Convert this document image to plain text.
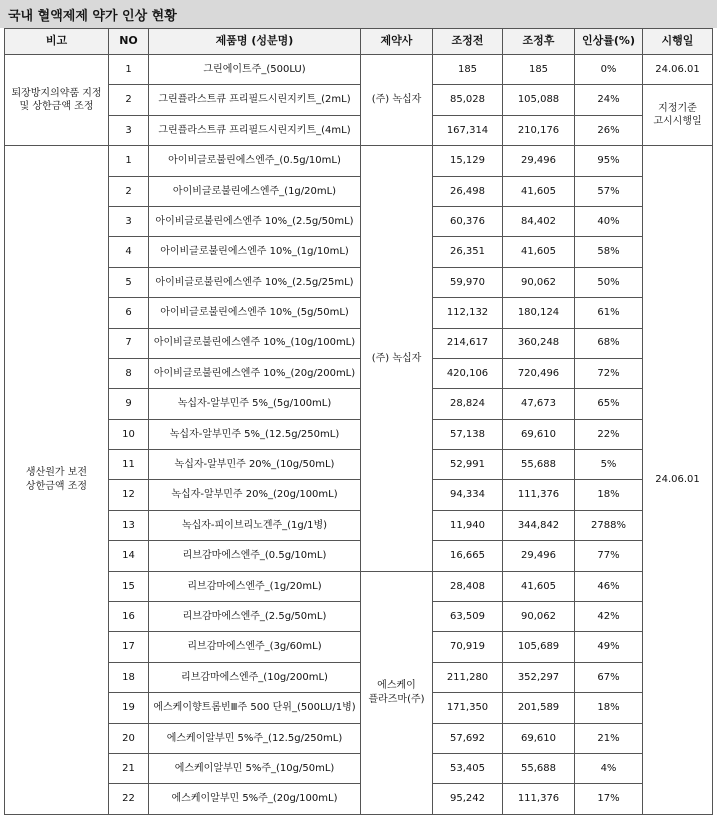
국내 혈액제제 약가 인상 현황
비고	NO	제품명 (성분명)	제약사	조정전	조정후	인상률(%)	시행일

퇴장방지의약품 지정
및 상한금액 조정	1	그린에이트주_(500LU)	(주) 녹십자	185	185	0%	24.06.01
	2	그린플라스트큐 프리필드시린지키트_(2mL)		85,028	105,088	24%	지정기준
고시시행일

	3	그린플라스트큐 프리필드시린지키트_(4mL)		167,314	210,176	26%	

생산원가 보전
상한금액 조정	1	아이비글로불린에스엔주_(0.5g/10mL)	(주) 녹십자	15,129	29,496	95%	24.06.01
	2	아이비글로불린에스엔주_(1g/20mL)		26,498	41,605	57%	
	3	아이비글로불린에스엔주 10%_(2.5g/50mL)		60,376	84,402	40%	
	4	아이비글로불린에스엔주 10%_(1g/10mL)		26,351	41,605	58%	
	5	아이비글로불린에스엔주 10%_(2.5g/25mL)		59,970	90,062	50%	
	6	아이비글로불린에스엔주 10%_(5g/50mL)		112,132	180,124	61%	
	7	아이비글로불린에스엔주 10%_(10g/100mL)		214,617	360,248	68%	
	8	아이비글로불린에스엔주 10%_(20g/200mL)		420,106	720,496	72%	
	9	녹십자-알부민주 5%_(5g/100mL)		28,824	47,673	65%	
	10	녹십자-알부민주 5%_(12.5g/250mL)		57,138	69,610	22%	
	11	녹십자-알부민주 20%_(10g/50mL)		52,991	55,688	5%	
	12	녹십자-알부민주 20%_(20g/100mL)		94,334	111,376	18%	
	13	녹십자-피이브리노겐주_(1g/1병)		11,940	344,842	2788%	
	14	리브감마에스엔주_(0.5g/10mL)		16,665	29,496	77%	
	15	리브감마에스엔주_(1g/20mL)	에스케이
플라즈마(주)	28,408	41,605	46%	
	16	리브감마에스엔주_(2.5g/50mL)		63,509	90,062	42%	
	17	리브감마에스엔주_(3g/60mL)		70,919	105,689	49%	
	18	리브감마에스엔주_(10g/200mL)		211,280	352,297	67%	
	19	에스케이향트롬빈Ⅲ주 500 단위_(500LU/1병)		171,350	201,589	18%	
	20	에스케이알부민 5%주_(12.5g/250mL)		57,692	69,610	21%	
	21	에스케이알부민 5%주_(10g/50mL)		53,405	55,688	4%	
	22	에스케이알부민 5%주_(20g/100mL)		95,242	111,376	17%	
